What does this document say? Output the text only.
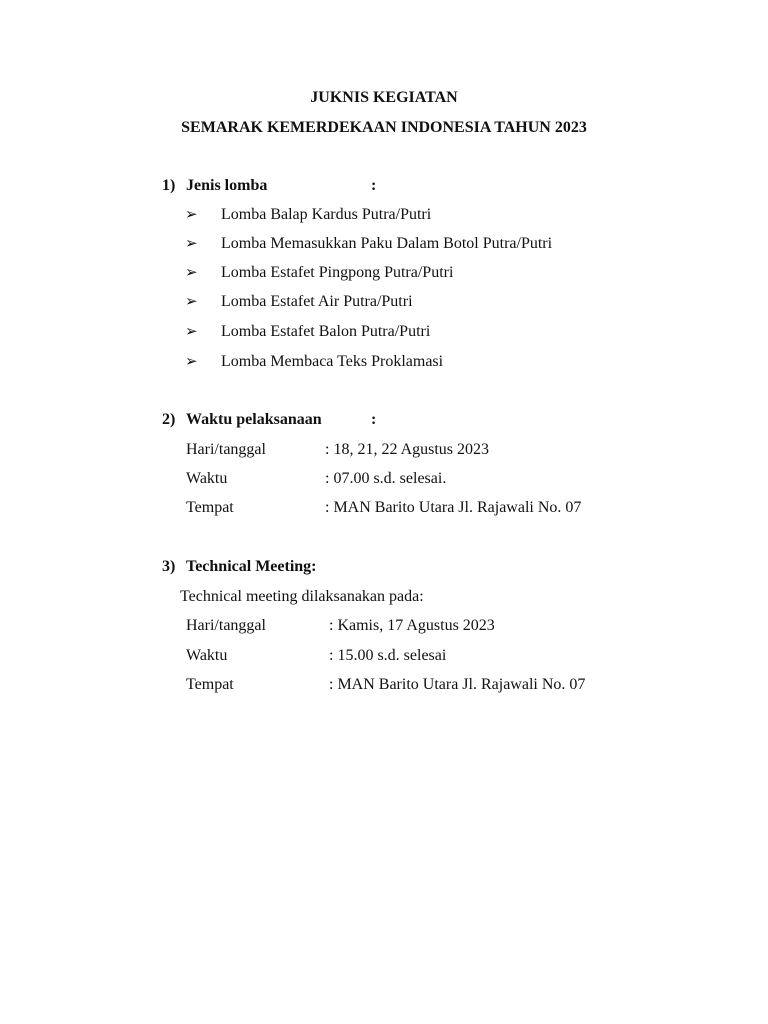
JUKNIS KEGIATAN
SEMARAK KEMERDEKAAN INDONESIA TAHUN 2023
1) Jenis lomba	:
➢ Lomba Balap Kardus Putra/Putri
➢ Lomba Memasukkan Paku Dalam Botol Putra/Putri
➢ Lomba Estafet Pingpong Putra/Putri
➢ Lomba Estafet Air Putra/Putri
➢ Lomba Estafet Balon Putra/Putri
➢ Lomba Membaca Teks Proklamasi
2) Waktu pelaksanaan	:
Hari/tanggal	: 18, 21, 22 Agustus 2023
Waktu	: 07.00 s.d. selesai.
Tempat	: MAN Barito Utara Jl. Rajawali No. 07
3) Technical Meeting:
Technical meeting dilaksanakan pada:
Hari/tanggal	: Kamis, 17 Agustus 2023
Waktu	: 15.00 s.d. selesai
Tempat	: MAN Barito Utara Jl. Rajawali No. 07
